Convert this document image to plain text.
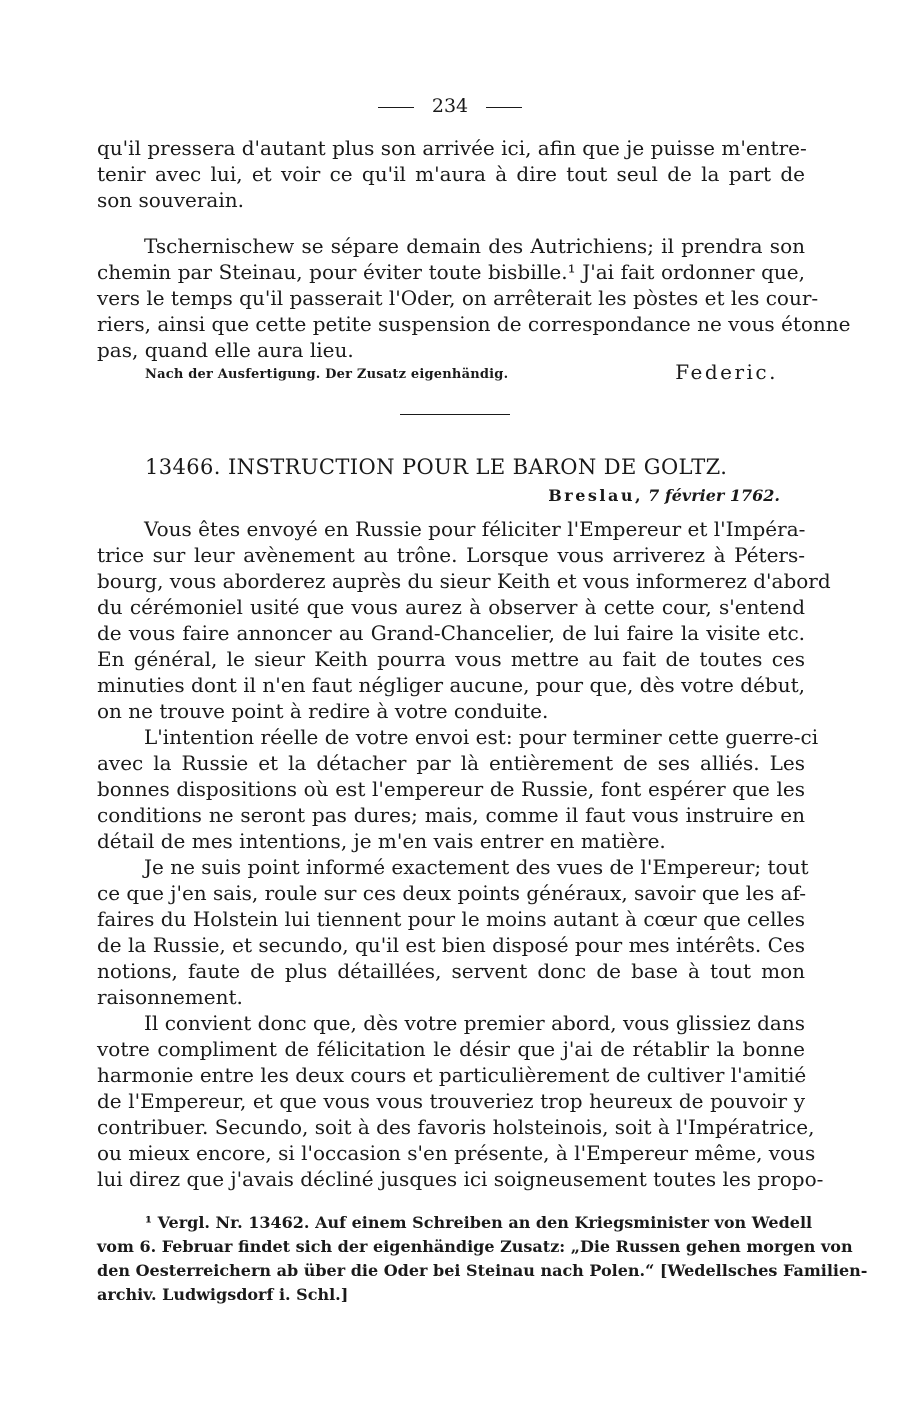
234
qu'il pressera d'autant plus son arrivée ici, afin que je puisse m'entre-
tenir avec lui, et voir ce qu'il m'aura à dire tout seul de la part de
son souverain.
Tschernischew se sépare demain des Autrichiens; il prendra son
chemin par Steinau, pour éviter toute bisbille.¹ J'ai fait ordonner que,
vers le temps qu'il passerait l'Oder, on arrêterait les pòstes et les cour-
riers, ainsi que cette petite suspension de correspondance ne vous étonne
pas, quand elle aura lieu.
Nach der Ausfertigung. Der Zusatz eigenhändig.	Federic.
13466. INSTRUCTION POUR LE BARON DE GOLTZ.
Breslau, 7 février 1762.
Vous êtes envoyé en Russie pour féliciter l'Empereur et l'Impéra-
trice sur leur avènement au trône. Lorsque vous arriverez à Péters-
bourg, vous aborderez auprès du sieur Keith et vous informerez d'abord
du cérémoniel usité que vous aurez à observer à cette cour, s'entend
de vous faire annoncer au Grand-Chancelier, de lui faire la visite etc.
En général, le sieur Keith pourra vous mettre au fait de toutes ces
minuties dont il n'en faut négliger aucune, pour que, dès votre début,
on ne trouve point à redire à votre conduite.
L'intention réelle de votre envoi est: pour terminer cette guerre-ci
avec la Russie et la détacher par là entièrement de ses alliés. Les
bonnes dispositions où est l'empereur de Russie, font espérer que les
conditions ne seront pas dures; mais, comme il faut vous instruire en
détail de mes intentions, je m'en vais entrer en matière.
Je ne suis point informé exactement des vues de l'Empereur; tout
ce que j'en sais, roule sur ces deux points généraux, savoir que les af-
faires du Holstein lui tiennent pour le moins autant à cœur que celles
de la Russie, et secundo, qu'il est bien disposé pour mes intérêts. Ces
notions, faute de plus détaillées, servent donc de base à tout mon
raisonnement.
Il convient donc que, dès votre premier abord, vous glissiez dans
votre compliment de félicitation le désir que j'ai de rétablir la bonne
harmonie entre les deux cours et particulièrement de cultiver l'amitié
de l'Empereur, et que vous vous trouveriez trop heureux de pouvoir y
contribuer. Secundo, soit à des favoris holsteinois, soit à l'Impératrice,
ou mieux encore, si l'occasion s'en présente, à l'Empereur même, vous
lui direz que j'avais décliné jusques ici soigneusement toutes les propo-
¹ Vergl. Nr. 13462. Auf einem Schreiben an den Kriegsminister von Wedell
vom 6. Februar findet sich der eigenhändige Zusatz: „Die Russen gehen morgen von
den Oesterreichern ab über die Oder bei Steinau nach Polen.“ [Wedellsches Familien-
archiv. Ludwigsdorf i. Schl.]
